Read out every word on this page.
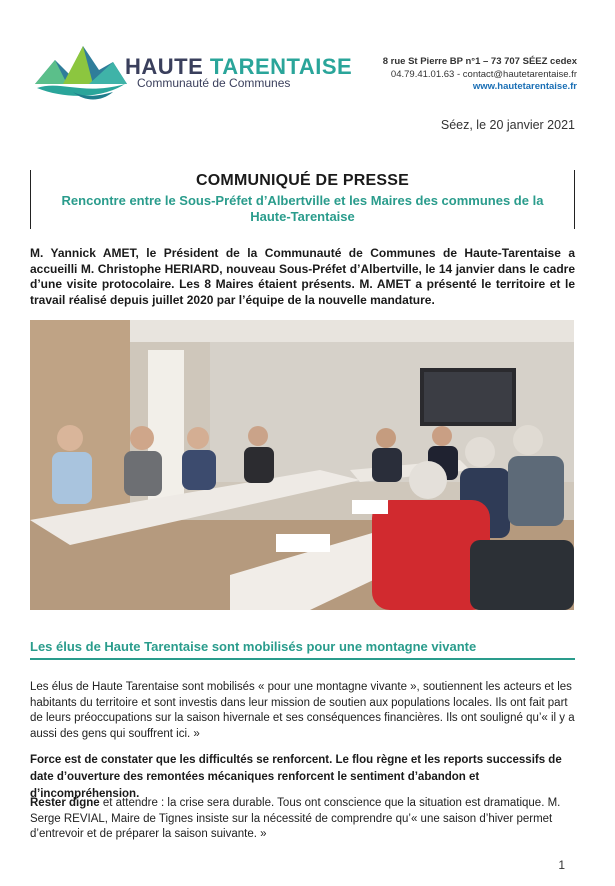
HAUTE TARENTAISE
Communauté de Communes
8 rue St Pierre BP n°1 – 73 707 SÉEZ cedex
04.79.41.01.63 - contact@hautetarentaise.fr
www.hautetarentaise.fr
Séez, le 20 janvier 2021
COMMUNIQUÉ DE PRESSE
Rencontre entre le Sous-Préfet d’Albertville et les Maires des communes de la Haute-Tarentaise
M. Yannick AMET, le Président de la Communauté de Communes de Haute-Tarentaise a accueilli M. Christophe HERIARD, nouveau Sous-Préfet d’Albertville, le 14 janvier dans le cadre d’une visite protocolaire. Les 8 Maires étaient présents. M. AMET a présenté le territoire et le travail réalisé depuis juillet 2020 par l’équipe de la nouvelle mandature.
Les élus de Haute Tarentaise sont mobilisés pour une montagne vivante
Les élus de Haute Tarentaise sont mobilisés « pour une montagne vivante », soutiennent les acteurs et les habitants du territoire et sont investis dans leur mission de soutien aux populations locales. Ils ont fait part de leurs préoccupations sur la saison hivernale et ses conséquences financières. Ils ont souligné qu’« il y a aussi des gens qui souffrent ici. »
Force est de constater que les difficultés se renforcent. Le flou règne et les reports successifs de date d’ouverture des remontées mécaniques renforcent le sentiment d’abandon et d’incompréhension.
Rester digne et attendre : la crise sera durable. Tous ont conscience que la situation est dramatique. M. Serge REVIAL, Maire de Tignes insiste sur la nécessité de comprendre qu’« une saison d’hiver permet d’entrevoir et de préparer la saison suivante. »
1
